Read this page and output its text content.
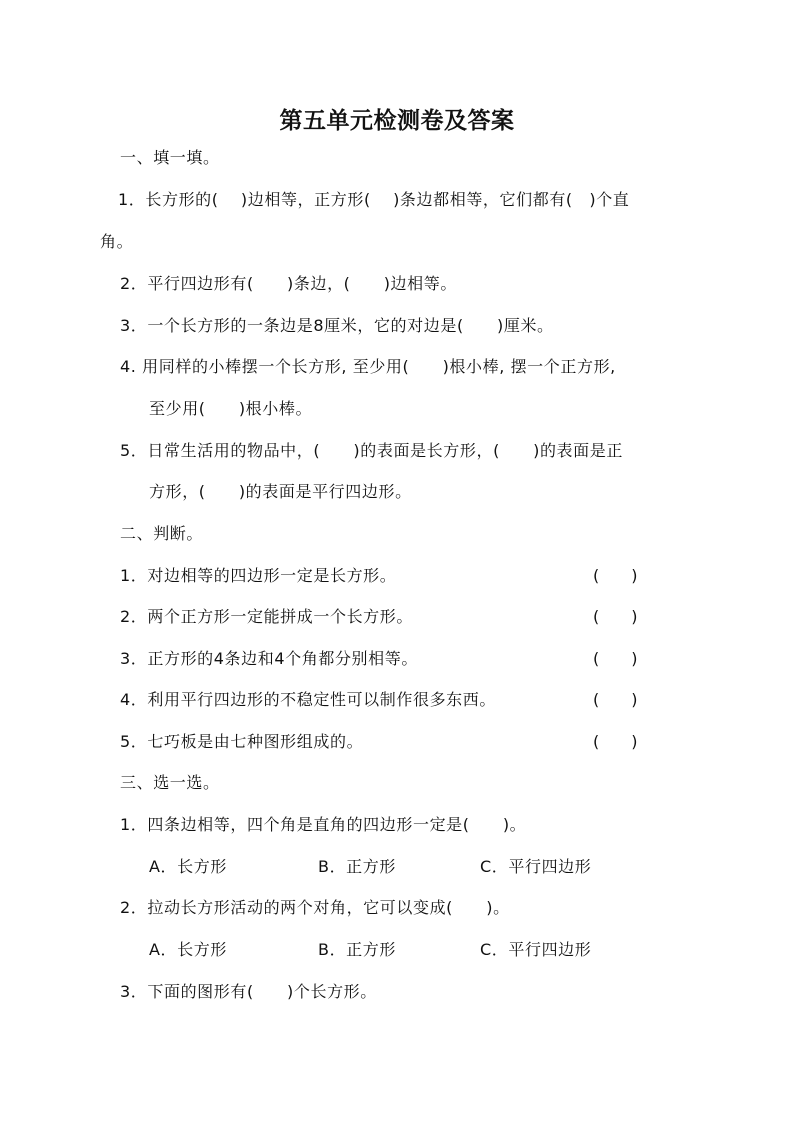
第五单元检测卷及答案
一、填一填。
1．长方形的(　 )边相等，正方形(　 )条边都相等，它们都有(　)个直
角。
2．平行四边形有(　　)条边，(　　)边相等。
3．一个长方形的一条边是8厘米，它的对边是(　　)厘米。
4. 用同样的小棒摆一个长方形, 至少用(　　)根小棒, 摆一个正方形,
至少用(　　)根小棒。
5．日常生活用的物品中，(　　)的表面是长方形，(　　)的表面是正
方形，(　　)的表面是平行四边形。
二、判断。
1．对边相等的四边形一定是长方形。	(　　)
2．两个正方形一定能拼成一个长方形。	(　　)
3．正方形的4条边和4个角都分别相等。	(　　)
4．利用平行四边形的不稳定性可以制作很多东西。	(　　)
5．七巧板是由七种图形组成的。	(　　)
三、选一选。
1．四条边相等，四个角是直角的四边形一定是(　　)。
A．长方形	B．正方形	C．平行四边形
2．拉动长方形活动的两个对角，它可以变成(　　)。
A．长方形	B．正方形	C．平行四边形
3．下面的图形有(　　)个长方形。
